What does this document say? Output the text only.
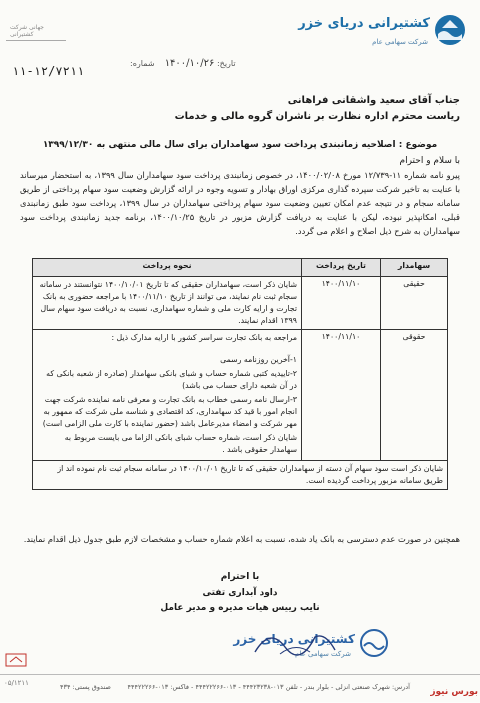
جهانی شرکت کشتیرانی
کشتیرانی دریای خزر
شرکت سهامی عام
تاریخ: ۱۴۰۰/۱۰/۲۶    شماره:
۱۱-۱۲/۷۲۱۱
جناب آقای سعید واشقانی فراهانی
ریاست محترم اداره نظارت بر ناشران گروه مالی و خدمات
موضوع : اصلاحیه زمانبندی پرداخت سود سهامداران برای سال مالی منتهی به ۱۳۹۹/۱۲/۳۰
با سلام و احترام
پیرو نامه شماره ۱۱-۱۲/۷۳۹ مورخ ۱۴۰۰/۰۲/۰۸، در خصوص زمانبندی پرداخت سود سهامداران سال ۱۳۹۹، به استحضار میرساند با عنایت به تاخیر شرکت سپرده گذاری مرکزی اوراق بهادار و تسویه وجوه در ارائه گزارش وضعیت سود سهام پرداختی از طریق سامانه سجام و در نتیجه عدم امکان تعیین وضعیت سود سهام پرداختی سهامداران در سال ۱۳۹۹، پرداخت سود طبق زمانبندی قبلی، امکانپذیر نبوده، لیکن با عنایت به دریافت گزارش مزبور در تاریخ ۱۴۰۰/۱۰/۲۵، برنامه جدید زمانبندی پرداخت سود سهامداران به شرح ذیل اصلاح و اعلام می گردد.
سهامدار	تاریخ پرداخت	نحوه پرداخت
حقیقی	۱۴۰۰/۱۱/۱۰	شایان ذکر است، سهامداران حقیقی که تا تاریخ ۱۴۰۰/۱۰/۰۱ نتوانستند در سامانه سجام ثبت نام نمایند، می توانند از تاریخ ۱۴۰۰/۱۱/۱۰ با مراجعه حضوری به بانک تجارت و ارایه کارت ملی و شماره سهامداری، نسبت به دریافت سود سهام سال ۱۳۹۹ اقدام نمایند.
حقوقی	۱۴۰۰/۱۱/۱۰	مراجعه به بانک تجارت سراسر کشور با ارایه مدارک ذیل :
۱-آخرین روزنامه رسمی
۲-تاییدیه کتبی شماره حساب و شبای بانکی سهامدار (صادره از شعبه بانکی که در آن شعبه دارای حساب می باشد)
۳-ارسال نامه رسمی خطاب به بانک تجارت و معرفی نامه نماینده شرکت جهت انجام امور با قید کد سهامداری، کد اقتصادی و شناسه ملی شرکت که ممهور به مهر شرکت و امضاء مدیرعامل باشد (حضور نماینده با کارت ملی الزامی است)
شایان ذکر است، شماره حساب شبای بانکی الزاما می بایست مربوط به سهامدار حقوقی باشد .

شایان ذکر است سود سهام آن دسته از سهامداران حقیقی که تا تاریخ ۱۴۰۰/۱۰/۰۱ در سامانه سجام ثبت نام نموده اند از طریق سامانه مزبور پرداخت گردیده است.		
همچنین در صورت عدم دسترسی به بانک یاد شده، نسبت به اعلام شماره حساب و مشخصات لازم طبق جدول ذیل اقدام نمایند.
با احترام
داود آبداری تفتی
نایب رییس هیات مدیره و مدیر عامل
کشتیرانی دریای خزر
شرکت سهامی عام
۰۵/۱۲۱۱	صندوق پستی: ۴۳۴	آدرس: شهرک صنعتی انزلی - بلوار بندر - تلفن ۰۱۳-۴۴۴۲۳۲۳۸ - ۰۱۳-۴۴۴۲۲۲۶۶ - فاکس: ۰۱۳-۴۴۴۲۲۲۶۶ بورس نیوز
